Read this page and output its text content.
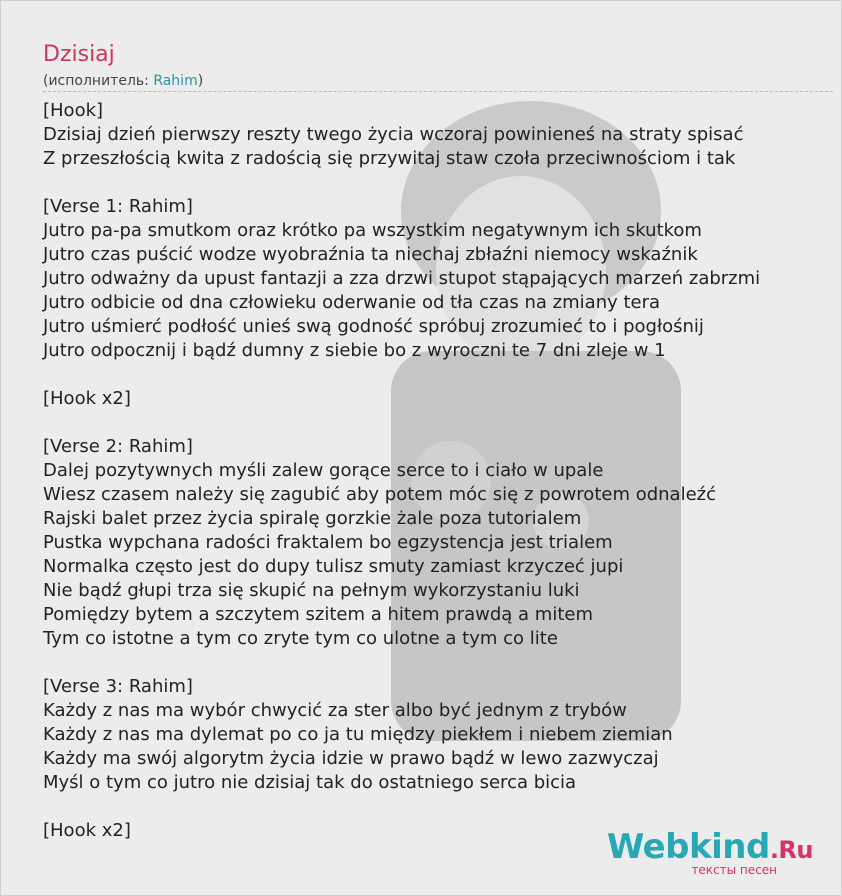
Dzisiaj
(исполнитель: Rahim)
[Hook]
Dzisiaj dzień pierwszy reszty twego życia wczoraj powinieneś na straty spisać
Z przeszłością kwita z radością się przywitaj staw czoła przeciwnościom i tak
[Verse 1: Rahim]
Jutro pa-pa smutkom oraz krótko pa wszystkim negatywnym ich skutkom
Jutro czas puścić wodze wyobraźnia ta niechaj zbłaźni niemocy wskaźnik
Jutro odważny da upust fantazji a zza drzwi stupot stąpających marzeń zabrzmi
Jutro odbicie od dna człowieku oderwanie od tła czas na zmiany tera
Jutro uśmierć podłość unieś swą godność spróbuj zrozumieć to i pogłośnij
Jutro odpocznij i bądź dumny z siebie bo z wyroczni te 7 dni zleje w 1
[Hook x2]
[Verse 2: Rahim]
Dalej pozytywnych myśli zalew gorące serce to i ciało w upale
Wiesz czasem należy się zagubić aby potem móc się z powrotem odnaleźć
Rajski balet przez życia spiralę gorzkie żale poza tutorialem
Pustka wypchana radości fraktalem bo egzystencja jest trialem
Normalka często jest do dupy tulisz smuty zamiast krzyczeć jupi
Nie bądź głupi trza się skupić na pełnym wykorzystaniu luki
Pomiędzy bytem a szczytem szitem a hitem prawdą a mitem
Tym co istotne a tym co zryte tym co ulotne a tym co lite
[Verse 3: Rahim]
Każdy z nas ma wybór chwycić za ster albo być jednym z trybów
Każdy z nas ma dylemat po co ja tu między piekłem i niebem ziemian
Każdy ma swój algorytm życia idzie w prawo bądź w lewo zazwyczaj
Myśl o tym co jutro nie dzisiaj tak do ostatniego serca bicia
[Hook x2]	Webkind.Ru
тексты песен
